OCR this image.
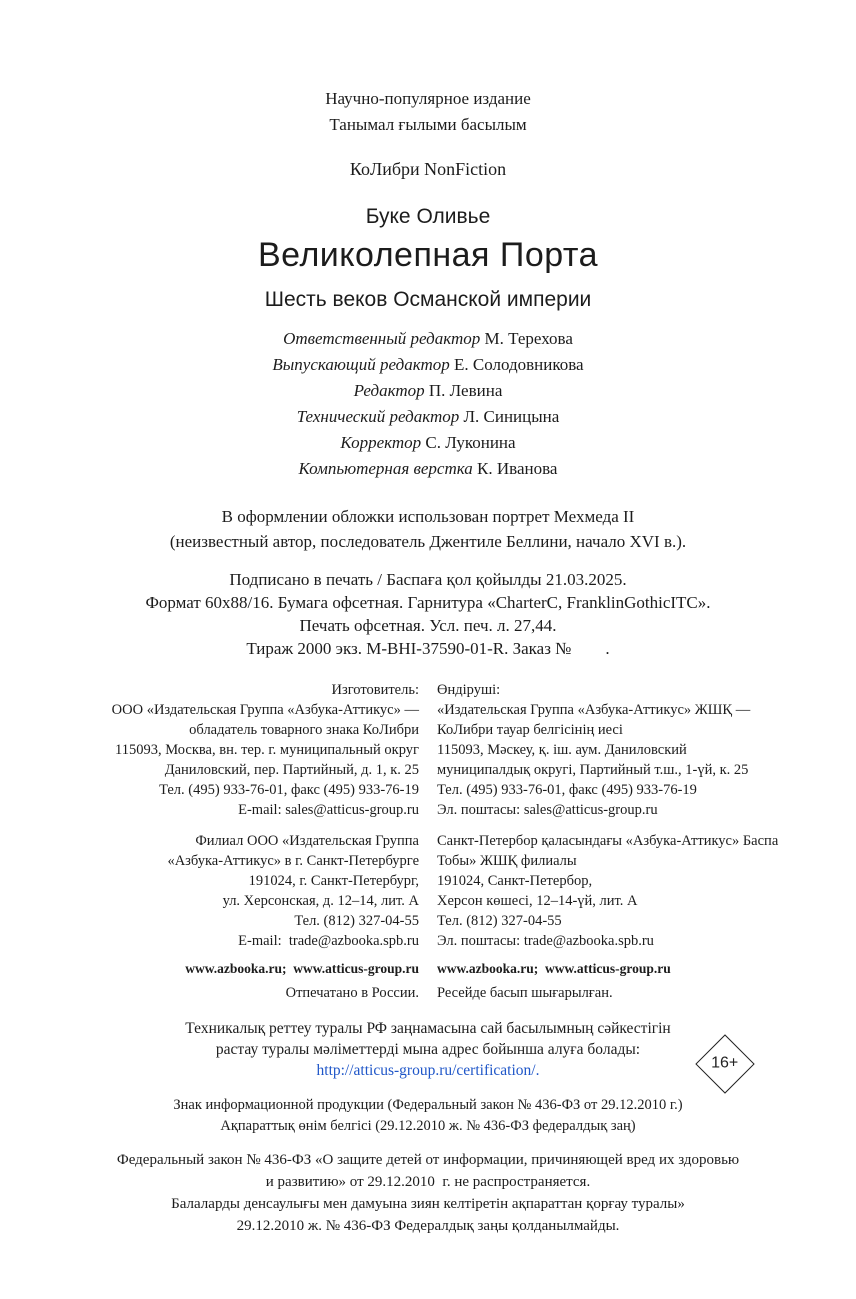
Научно-популярное издание
Танымал ғылыми басылым
КоЛибри NonFiction
Буке Оливье
Великолепная Порта
Шесть веков Османской империи
Ответственный редактор М. Терехова
Выпускающий редактор Е. Солодовникова
Редактор П. Левина
Технический редактор Л. Синицына
Корректор С. Луконина
Компьютерная верстка К. Иванова
В оформлении обложки использован портрет Мехмеда II
(неизвестный автор, последователь Джентиле Беллини, начало XVI в.).
Подписано в печать / Баспаға қол қойылды 21.03.2025.
Формат 60x88/16. Бумага офсетная. Гарнитура «CharterC, FranklinGothicITC».
Печать офсетная. Усл. печ. л. 27,44.
Тираж 2000 экз. M-BHI-37590-01-R. Заказ №        .
Изготовитель:
ООО «Издательская Группа «Азбука-Аттикус» —
обладатель товарного знака КоЛибри
115093, Москва, вн. тер. г. муниципальный округ
Даниловский, пер. Партийный, д. 1, к. 25
Тел. (495) 933-76-01, факс (495) 933-76-19
E-mail: sales@atticus-group.ru
Өндіруші:
«Издательская Группа «Азбука-Аттикус» ЖШҚ —
КоЛибри тауар белгісінің иесі
115093, Мәскеу, қ. іш. аум. Даниловский
муниципалдық округі, Партийный т.ш., 1-үй, к. 25
Тел. (495) 933-76-01, факс (495) 933-76-19
Эл. поштасы: sales@atticus-group.ru
Филиал ООО «Издательская Группа
«Азбука-Аттикус» в г. Санкт-Петербурге
191024, г. Санкт-Петербург,
ул. Херсонская, д. 12–14, лит. А
Тел. (812) 327-04-55
E-mail:  trade@azbooka.spb.ru
Санкт-Петербор қаласындағы «Азбука-Аттикус» Баспа
Тобы» ЖШҚ филиалы
191024, Санкт-Петербор,
Херсон көшесі, 12–14-үй, лит. А
Тел. (812) 327-04-55
Эл. поштасы: trade@azbooka.spb.ru
www.azbooka.ru;  www.atticus-group.ru www.azbooka.ru;  www.atticus-group.ru
Отпечатано в России. Ресейде басып шығарылған.
Техникалық реттеу туралы РФ заңнамасына сай басылымның сәйкестігін
растау туралы мәліметтерді мына адрес бойынша алуға болады:
http://atticus-group.ru/certification/.
Знак информационной продукции (Федеральный закон № 436-ФЗ от 29.12.2010 г.)
Ақпараттық өнім белгісі (29.12.2010 ж. № 436-ФЗ федералдық заң)
16+
Федеральный закон № 436-ФЗ «О защите детей от информации, причиняющей вред их здоровью
и развитию» от 29.12.2010  г. не распространяется.
Балаларды денсаулығы мен дамуына зиян келтіретін ақпараттан қорғау туралы»
29.12.2010 ж. № 436-ФЗ Федералдық заңы қолданылмайды.
